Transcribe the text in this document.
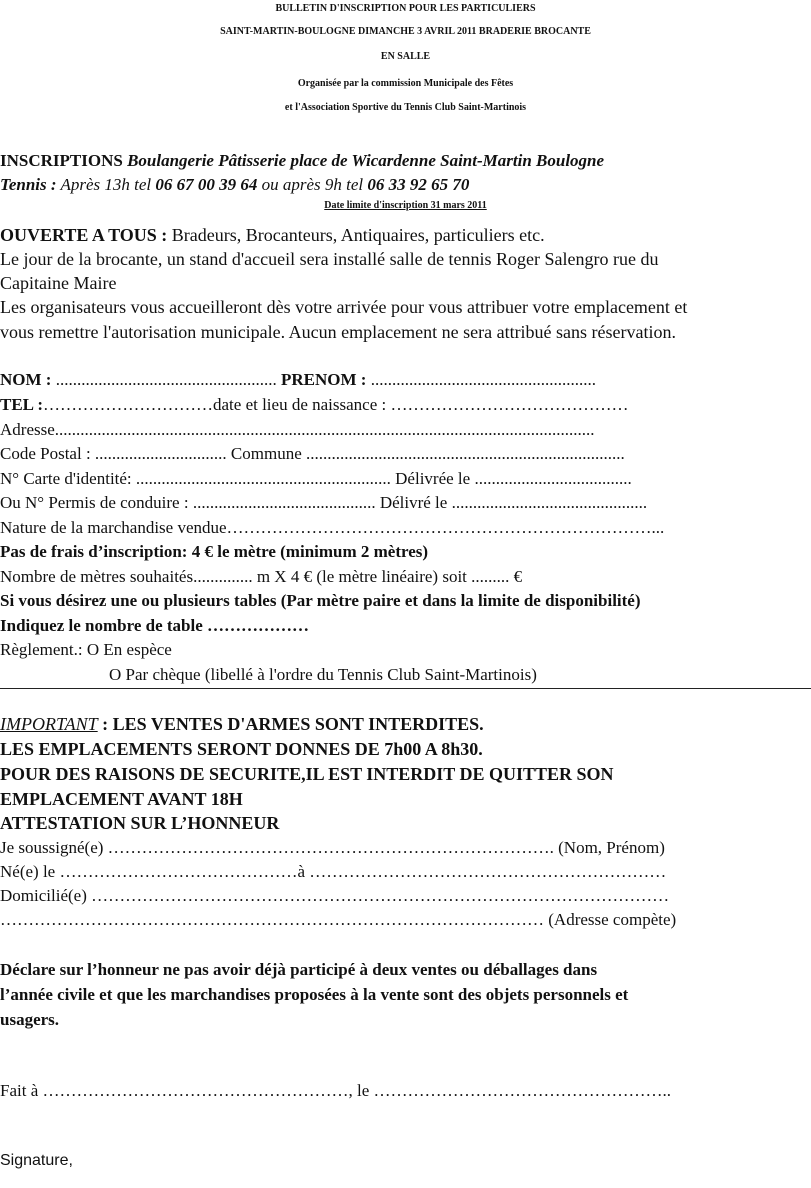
BULLETIN D'INSCRIPTION POUR LES PARTICULIERS
SAINT-MARTIN-BOULOGNE DIMANCHE 3 AVRIL 2011 BRADERIE BROCANTE
EN SALLE
Organisée par la commission Municipale des Fêtes
et l'Association Sportive du Tennis Club Saint-Martinois
INSCRIPTIONS Boulangerie Pâtisserie place de Wicardenne Saint-Martin Boulogne
Tennis : Après 13h tel 06 67 00 39 64 ou après 9h tel 06 33 92 65 70
Date limite d'inscription 31 mars 2011
OUVERTE A TOUS : Bradeurs, Brocanteurs, Antiquaires, particuliers etc.
Le jour de la brocante, un stand d'accueil sera installé salle de tennis Roger Salengro rue du
Capitaine Maire
Les organisateurs vous accueilleront dès votre arrivée pour vous attribuer votre emplacement et
vous remettre l'autorisation municipale. Aucun emplacement ne sera attribué sans réservation.
NOM : .................................................... PRENOM : .....................................................
TEL :…………………………date et lieu de naissance : ……………………………………
Adresse...............................................................................................................................
Code Postal : ............................... Commune ...........................................................................
N° Carte d'identité: ............................................................ Délivrée le .....................................
Ou N° Permis de conduire : ........................................... Délivré le ..............................................
Nature de la marchandise vendue…………………………………………………………………...
Pas de frais d’inscription: 4 € le mètre (minimum 2 mètres)
Nombre de mètres souhaités.............. m X 4 € (le mètre linéaire) soit ......... €
Si vous désirez une ou plusieurs tables (Par mètre paire et dans la limite de disponibilité)
Indiquez le nombre de table ………………
Règlement.: O En espèce
O Par chèque (libellé à l'ordre du Tennis Club Saint-Martinois)
IMPORTANT : LES VENTES D'ARMES SONT INTERDITES.
LES EMPLACEMENTS SERONT DONNES DE 7h00 A 8h30.
POUR DES RAISONS DE SECURITE,IL EST INTERDIT DE QUITTER SON
EMPLACEMENT AVANT 18H
ATTESTATION SUR L’HONNEUR
Je soussigné(e) ……………………………………………………………………. (Nom, Prénom)
Né(e) le ……………………………………à ………………………………………………………
Domicilié(e) …………………………………………………………………………………………
…………………………………………………………………………………… (Adresse compète)
Déclare sur l’honneur ne pas avoir déjà participé à deux ventes ou déballages dans
l’année civile et que les marchandises proposées à la vente sont des objets personnels et
usagers.
Fait à ………………………………………………, le ……………………………………………..
Signature,
